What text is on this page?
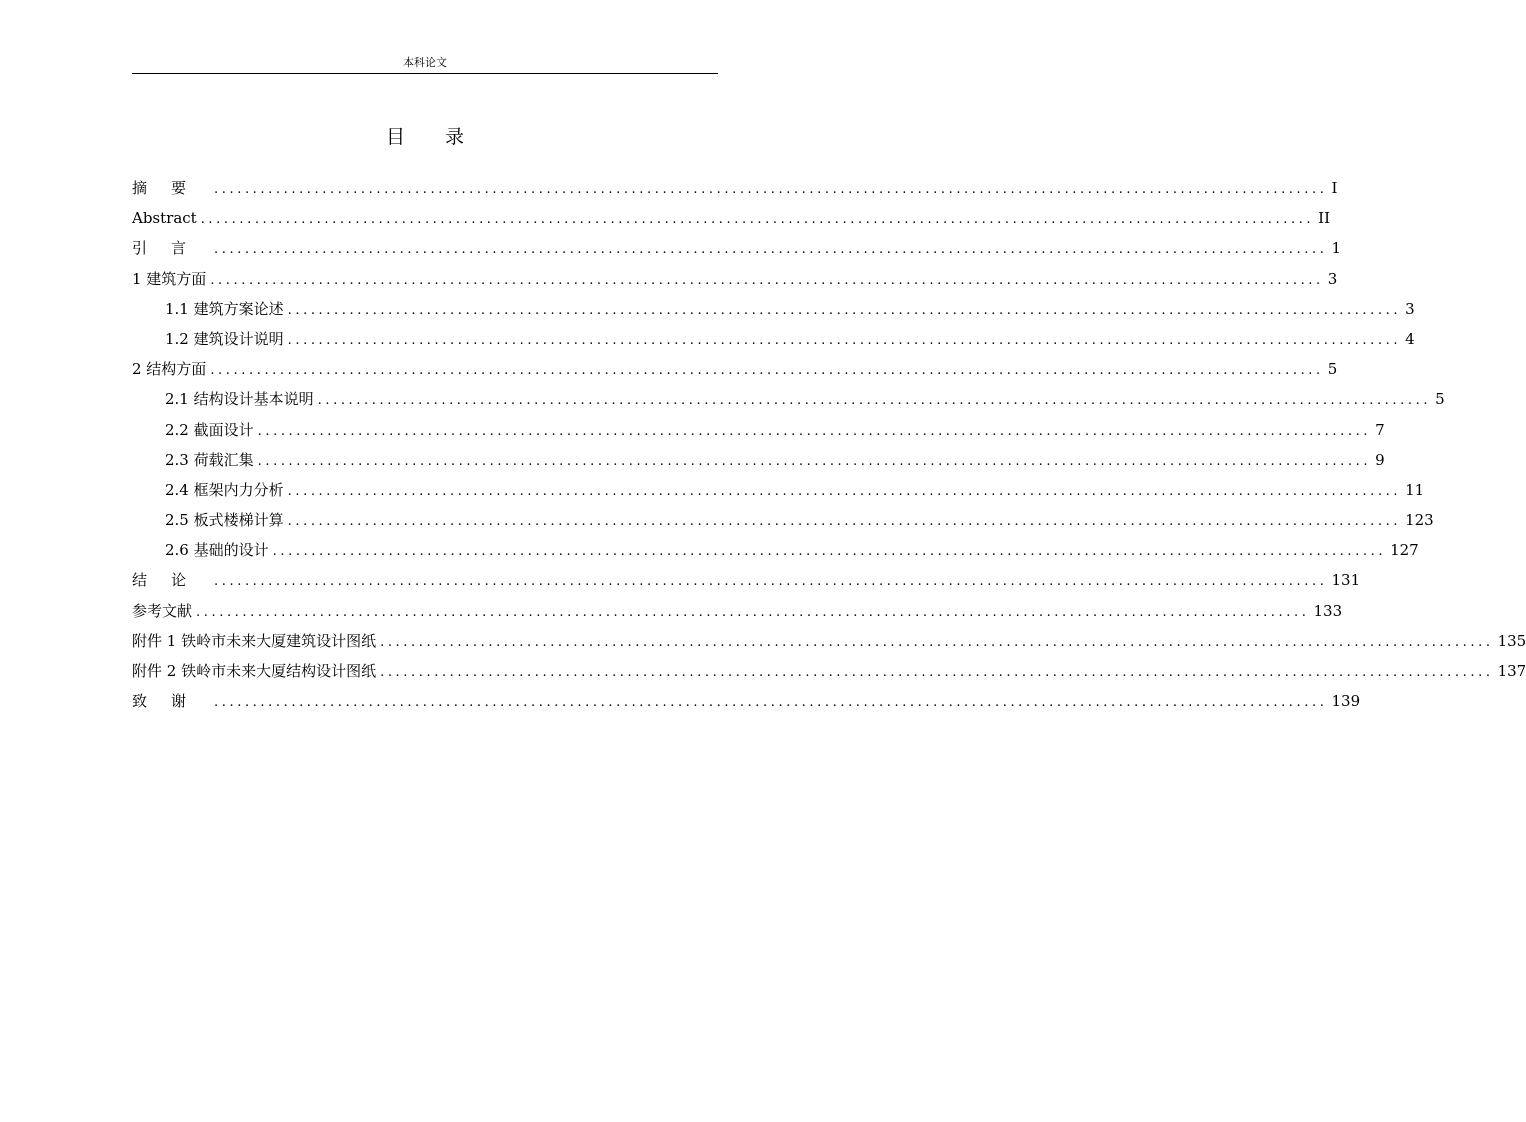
本科论文
目录
摘要 ................................................................................................................................................ I
Abstract ................................................................................................................................................ II
引言 ................................................................................................................................................ 1
1 建筑方面 ................................................................................................................................................ 3
1.1 建筑方案论述 ................................................................................................................................................ 3
1.2 建筑设计说明 ................................................................................................................................................ 4
2 结构方面 ................................................................................................................................................ 5
2.1 结构设计基本说明 ................................................................................................................................................ 5
2.2 截面设计 ................................................................................................................................................ 7
2.3 荷载汇集 ................................................................................................................................................ 9
2.4 框架内力分析 ................................................................................................................................................ 11
2.5 板式楼梯计算 ................................................................................................................................................ 123
2.6 基础的设计 ................................................................................................................................................ 127
结论 ................................................................................................................................................ 131
参考文献 ................................................................................................................................................ 133
附件 1 铁岭市未来大厦建筑设计图纸 ................................................................................................................................................ 135
附件 2 铁岭市未来大厦结构设计图纸 ................................................................................................................................................ 137
致谢 ................................................................................................................................................ 139
